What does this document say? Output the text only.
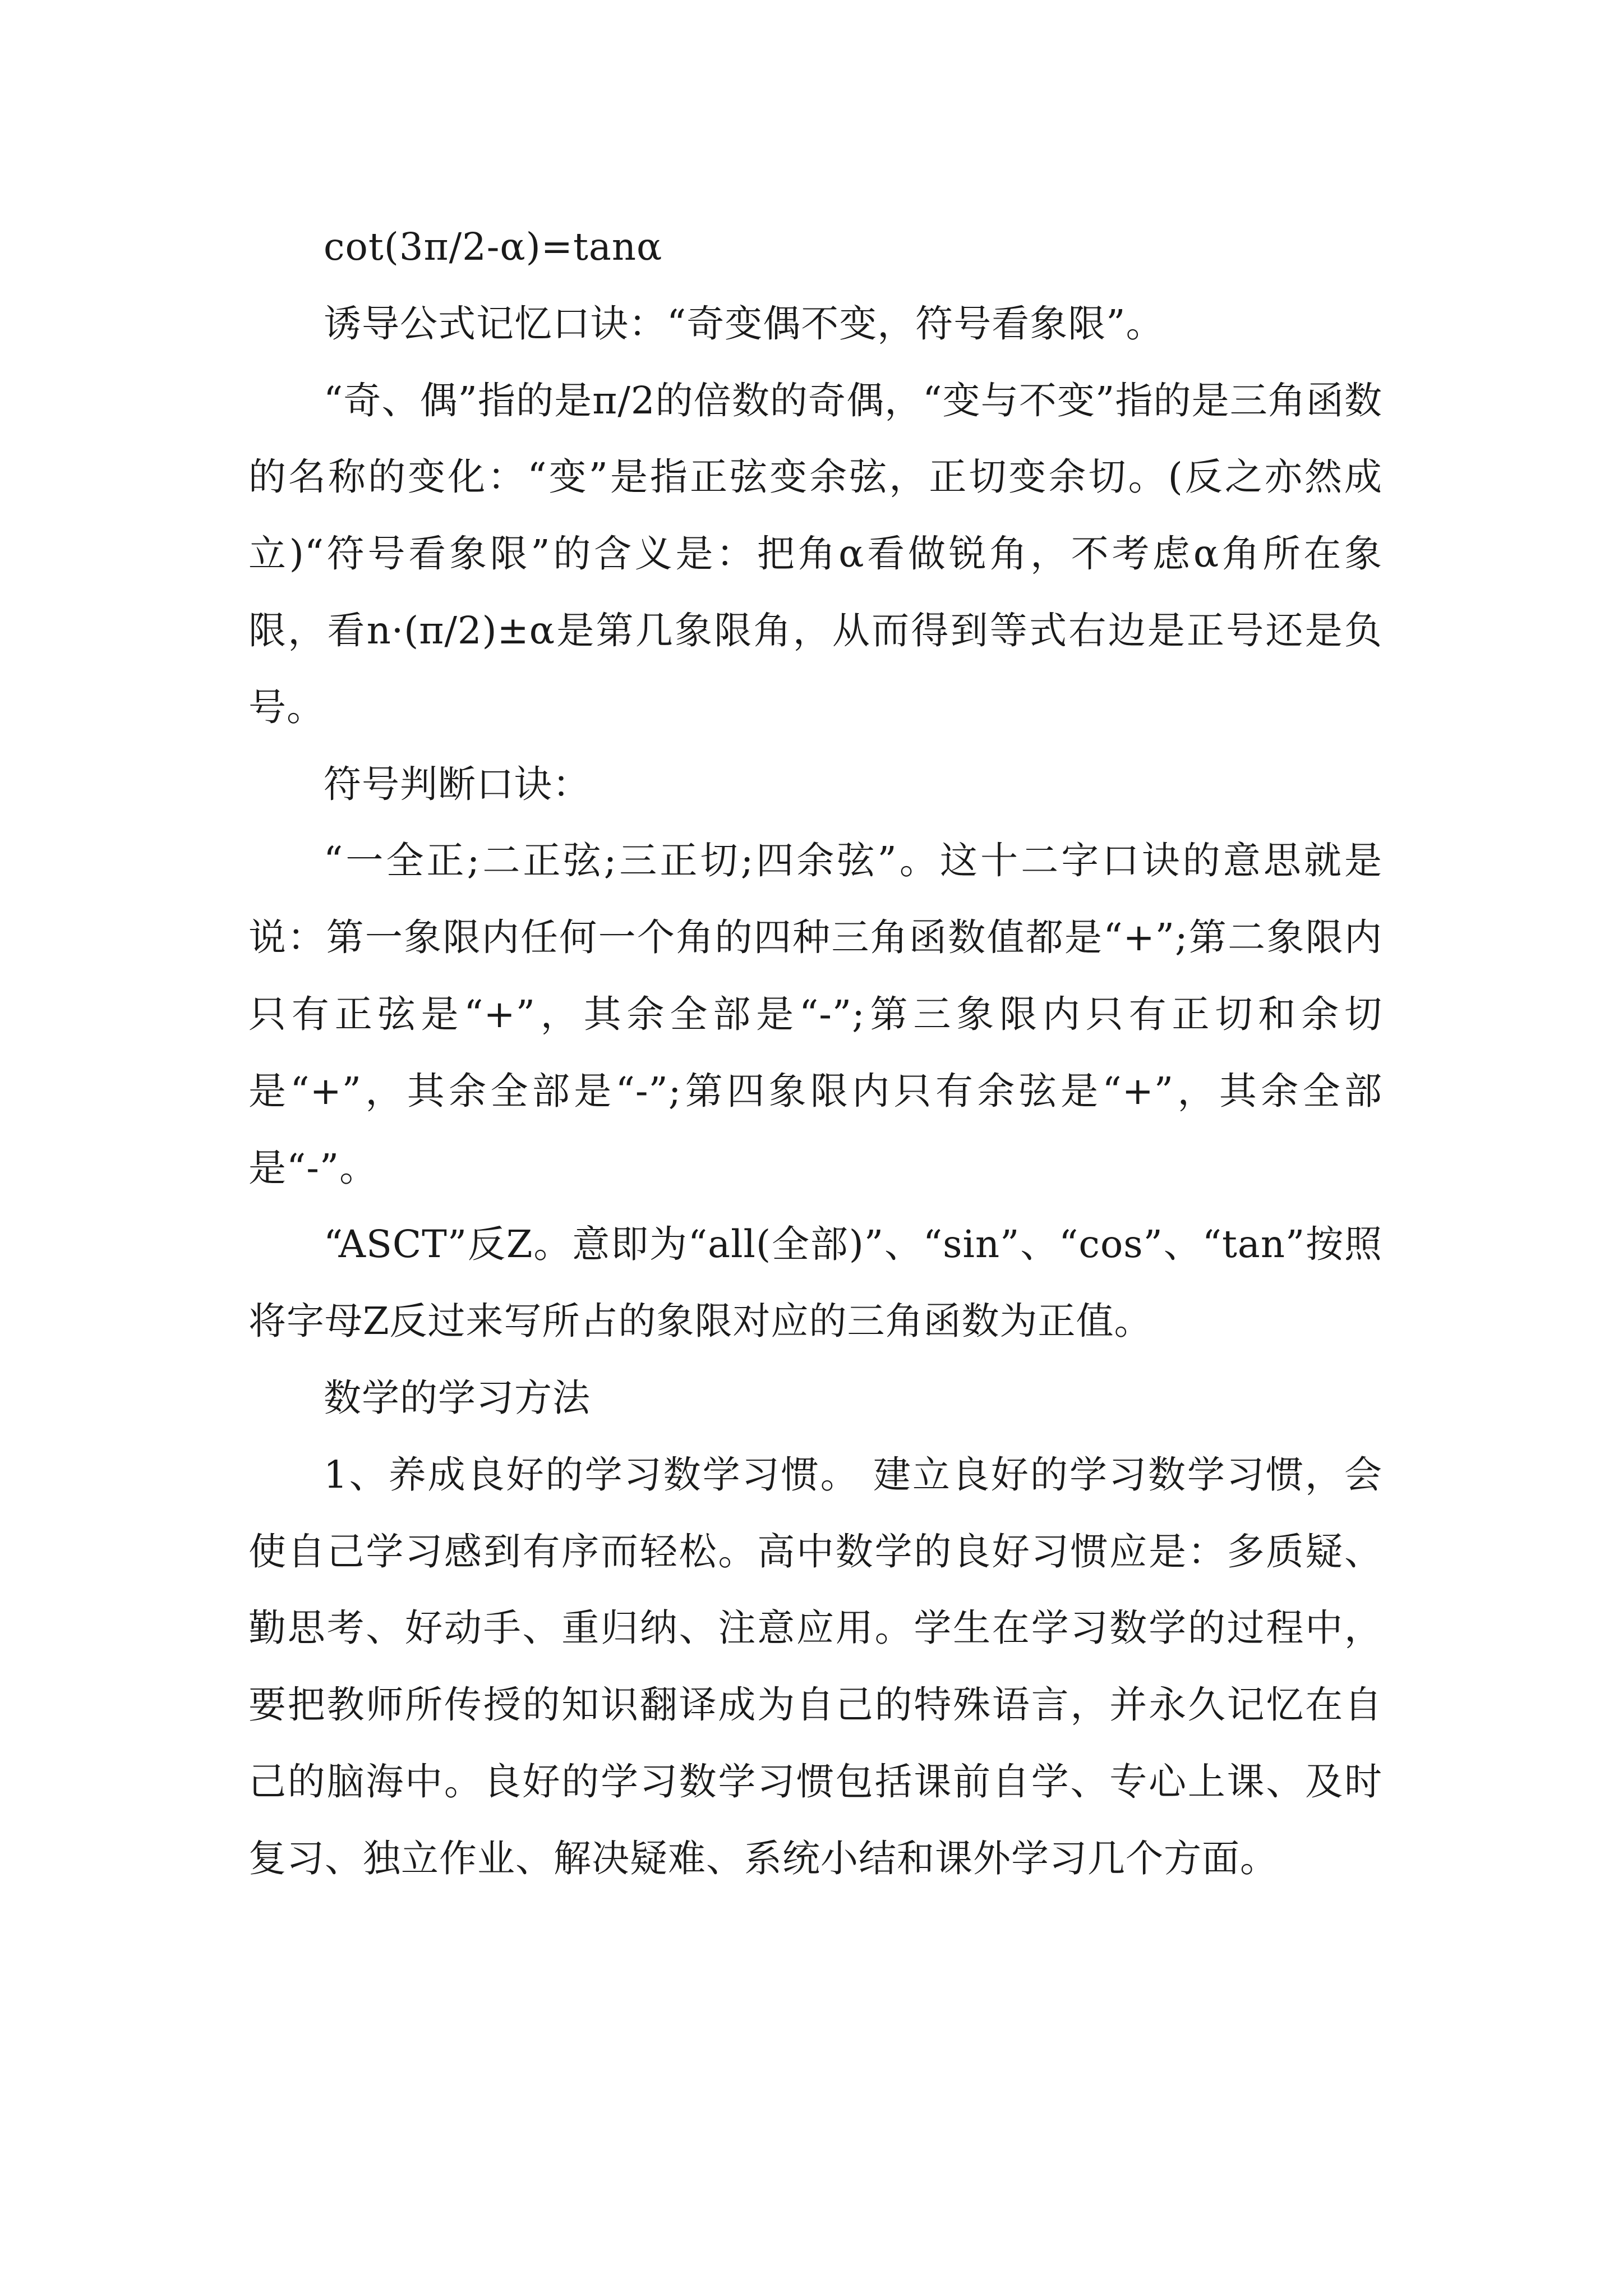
cot(3π/2-α)=tanα

诱导公式记忆口诀：“奇变偶不变，符号看象限”。

“奇、偶”指的是π/2的倍数的奇偶，“变与不变”指的是三角函数的名称的变化：“变”是指正弦变余弦，正切变余切。(反之亦然成立)“符号看象限”的含义是：把角α看做锐角，不考虑α角所在象限，看n·(π/2)±α是第几象限角，从而得到等式右边是正号还是负号。

符号判断口诀：

“一全正;二正弦;三正切;四余弦”。这十二字口诀的意思就是说：第一象限内任何一个角的四种三角函数值都是“+”;第二象限内只有正弦是“+”，其余全部是“-”;第三象限内只有正切和余切是“+”，其余全部是“-”;第四象限内只有余弦是“+”，其余全部是“-”。

“ASCT”反Z。意即为“all(全部)”、“sin”、“cos”、“tan”按照将字母Z反过来写所占的象限对应的三角函数为正值。

数学的学习方法

1、养成良好的学习数学习惯。 建立良好的学习数学习惯，会使自己学习感到有序而轻松。高中数学的良好习惯应是：多质疑、勤思考、好动手、重归纳、注意应用。学生在学习数学的过程中，要把教师所传授的知识翻译成为自己的特殊语言，并永久记忆在自己的脑海中。良好的学习数学习惯包括课前自学、专心上课、及时复习、独立作业、解决疑难、系统小结和课外学习几个方面。
